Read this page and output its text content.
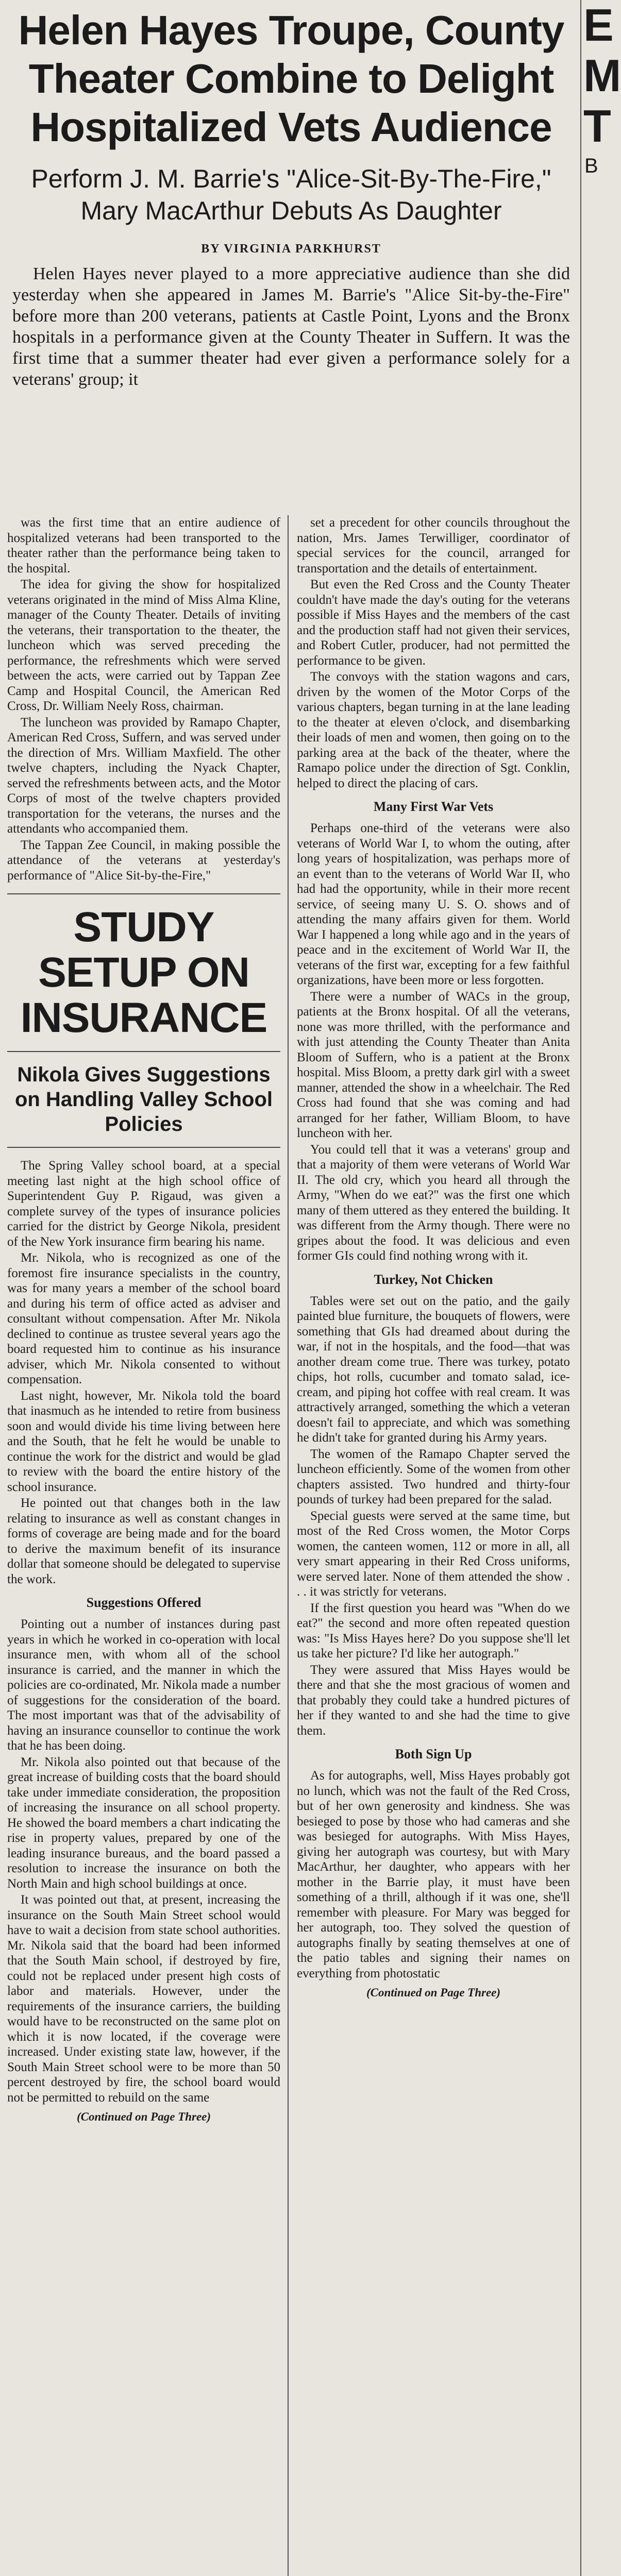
E
M
T
B
Helen Hayes Troupe, County Theater Combine to Delight Hospitalized Vets Audience
Perform J. M. Barrie's "Alice-Sit-By-The-Fire," Mary MacArthur Debuts As Daughter
BY VIRGINIA PARKHURST

Helen Hayes never played to a more appreciative audience than she did yesterday when she appeared in James M. Barrie's "Alice Sit-by-the-Fire" before more than 200 veterans, patients at Castle Point, Lyons and the Bronx hospitals in a performance given at the County Theater in Suffern. It was the first time that a summer theater had ever given a performance solely for a veterans' group; it

was the first time that an entire audience of hospitalized veterans had been transported to the theater rather than the performance being taken to the hospital.

The idea for giving the show for hospitalized veterans originated in the mind of Miss Alma Kline, manager of the County Theater. Details of inviting the veterans, their transportation to the theater, the luncheon which was served preceding the performance, the refreshments which were served between the acts, were carried out by Tappan Zee Camp and Hospital Council, the American Red Cross, Dr. William Neely Ross, chairman.

The luncheon was provided by Ramapo Chapter, American Red Cross, Suffern, and was served under the direction of Mrs. William Maxfield. The other twelve chapters, including the Nyack Chapter, served the refreshments between acts, and the Motor Corps of most of the twelve chapters provided transportation for the veterans, the nurses and the attendants who accompanied them.

The Tappan Zee Council, in making possible the attendance of the veterans at yesterday's performance of "Alice Sit-by-the-Fire,"

STUDY SETUP ON INSURANCE
Nikola Gives Suggestions on Handling Valley School Policies

The Spring Valley school board, at a special meeting last night at the high school office of Superintendent Guy P. Rigaud, was given a complete survey of the types of insurance policies carried for the district by George Nikola, president of the New York insurance firm bearing his name.

Mr. Nikola, who is recognized as one of the foremost fire insurance specialists in the country, was for many years a member of the school board and during his term of office acted as adviser and consultant without compensation. After Mr. Nikola declined to continue as trustee several years ago the board requested him to continue as his insurance adviser, which Mr. Nikola consented to without compensation.

Last night, however, Mr. Nikola told the board that inasmuch as he intended to retire from business soon and would divide his time living between here and the South, that he felt he would be unable to continue the work for the district and would be glad to review with the board the entire history of the school insurance.

He pointed out that changes both in the law relating to insurance as well as constant changes in forms of coverage are being made and for the board to derive the maximum benefit of its insurance dollar that someone should be delegated to supervise the work.

Suggestions Offered

Pointing out a number of instances during past years in which he worked in co-operation with local insurance men, with whom all of the school insurance is carried, and the manner in which the policies are co-ordinated, Mr. Nikola made a number of suggestions for the consideration of the board. The most important was that of the advisability of having an insurance counsellor to continue the work that he has been doing.

Mr. Nikola also pointed out that because of the great increase of building costs that the board should take under immediate consideration, the proposition of increasing the insurance on all school property. He showed the board members a chart indicating the rise in property values, prepared by one of the leading insurance bureaus, and the board passed a resolution to increase the insurance on both the North Main and high school buildings at once.

It was pointed out that, at present, increasing the insurance on the South Main Street school would have to wait a decision from state school authorities. Mr. Nikola said that the board had been informed that the South Main school, if destroyed by fire, could not be replaced under present high costs of labor and materials. However, under the requirements of the insurance carriers, the building would have to be reconstructed on the same plot on which it is now located, if the coverage were increased. Under existing state law, however, if the South Main Street school were to be more than 50 percent destroyed by fire, the school board would not be permitted to rebuild on the same

(Continued on Page Three)

set a precedent for other councils throughout the nation, Mrs. James Terwilliger, coordinator of special services for the council, arranged for transportation and the details of entertainment.

But even the Red Cross and the County Theater couldn't have made the day's outing for the veterans possible if Miss Hayes and the members of the cast and the production staff had not given their services, and Robert Cutler, producer, had not permitted the performance to be given.

The convoys with the station wagons and cars, driven by the women of the Motor Corps of the various chapters, began turning in at the lane leading to the theater at eleven o'clock, and disembarking their loads of men and women, then going on to the parking area at the back of the theater, where the Ramapo police under the direction of Sgt. Conklin, helped to direct the placing of cars.

Many First War Vets

Perhaps one-third of the veterans were also veterans of World War I, to whom the outing, after long years of hospitalization, was perhaps more of an event than to the veterans of World War II, who had had the opportunity, while in their more recent service, of seeing many U. S. O. shows and of attending the many affairs given for them. World War I happened a long while ago and in the years of peace and in the excitement of World War II, the veterans of the first war, excepting for a few faithful organizations, have been more or less forgotten.

There were a number of WACs in the group, patients at the Bronx hospital. Of all the veterans, none was more thrilled, with the performance and with just attending the County Theater than Anita Bloom of Suffern, who is a patient at the Bronx hospital. Miss Bloom, a pretty dark girl with a sweet manner, attended the show in a wheelchair. The Red Cross had found that she was coming and had arranged for her father, William Bloom, to have luncheon with her.

You could tell that it was a veterans' group and that a majority of them were veterans of World War II. The old cry, which you heard all through the Army, "When do we eat?" was the first one which many of them uttered as they entered the building. It was different from the Army though. There were no gripes about the food. It was delicious and even former GIs could find nothing wrong with it.

Turkey, Not Chicken

Tables were set out on the patio, and the gaily painted blue furniture, the bouquets of flowers, were something that GIs had dreamed about during the war, if not in the hospitals, and the food—that was another dream come true. There was turkey, potato chips, hot rolls, cucumber and tomato salad, ice-cream, and piping hot coffee with real cream. It was attractively arranged, something the which a veteran doesn't fail to appreciate, and which was something he didn't take for granted during his Army years.

The women of the Ramapo Chapter served the luncheon efficiently. Some of the women from other chapters assisted. Two hundred and thirty-four pounds of turkey had been prepared for the salad.

Special guests were served at the same time, but most of the Red Cross women, the Motor Corps women, the canteen women, 112 or more in all, all very smart appearing in their Red Cross uniforms, were served later. None of them attended the show . . . it was strictly for veterans.

If the first question you heard was "When do we eat?" the second and more often repeated question was: "Is Miss Hayes here? Do you suppose she'll let us take her picture? I'd like her autograph."

They were assured that Miss Hayes would be there and that she the most gracious of women and that probably they could take a hundred pictures of her if they wanted to and she had the time to give them.

Both Sign Up

As for autographs, well, Miss Hayes probably got no lunch, which was not the fault of the Red Cross, but of her own generosity and kindness. She was besieged to pose by those who had cameras and she was besieged for autographs. With Miss Hayes, giving her autograph was courtesy, but with Mary MacArthur, her daughter, who appears with her mother in the Barrie play, it must have been something of a thrill, although if it was one, she'll remember with pleasure. For Mary was begged for her autograph, too. They solved the question of autographs finally by seating themselves at one of the patio tables and signing their names on everything from photostatic

(Continued on Page Three)
